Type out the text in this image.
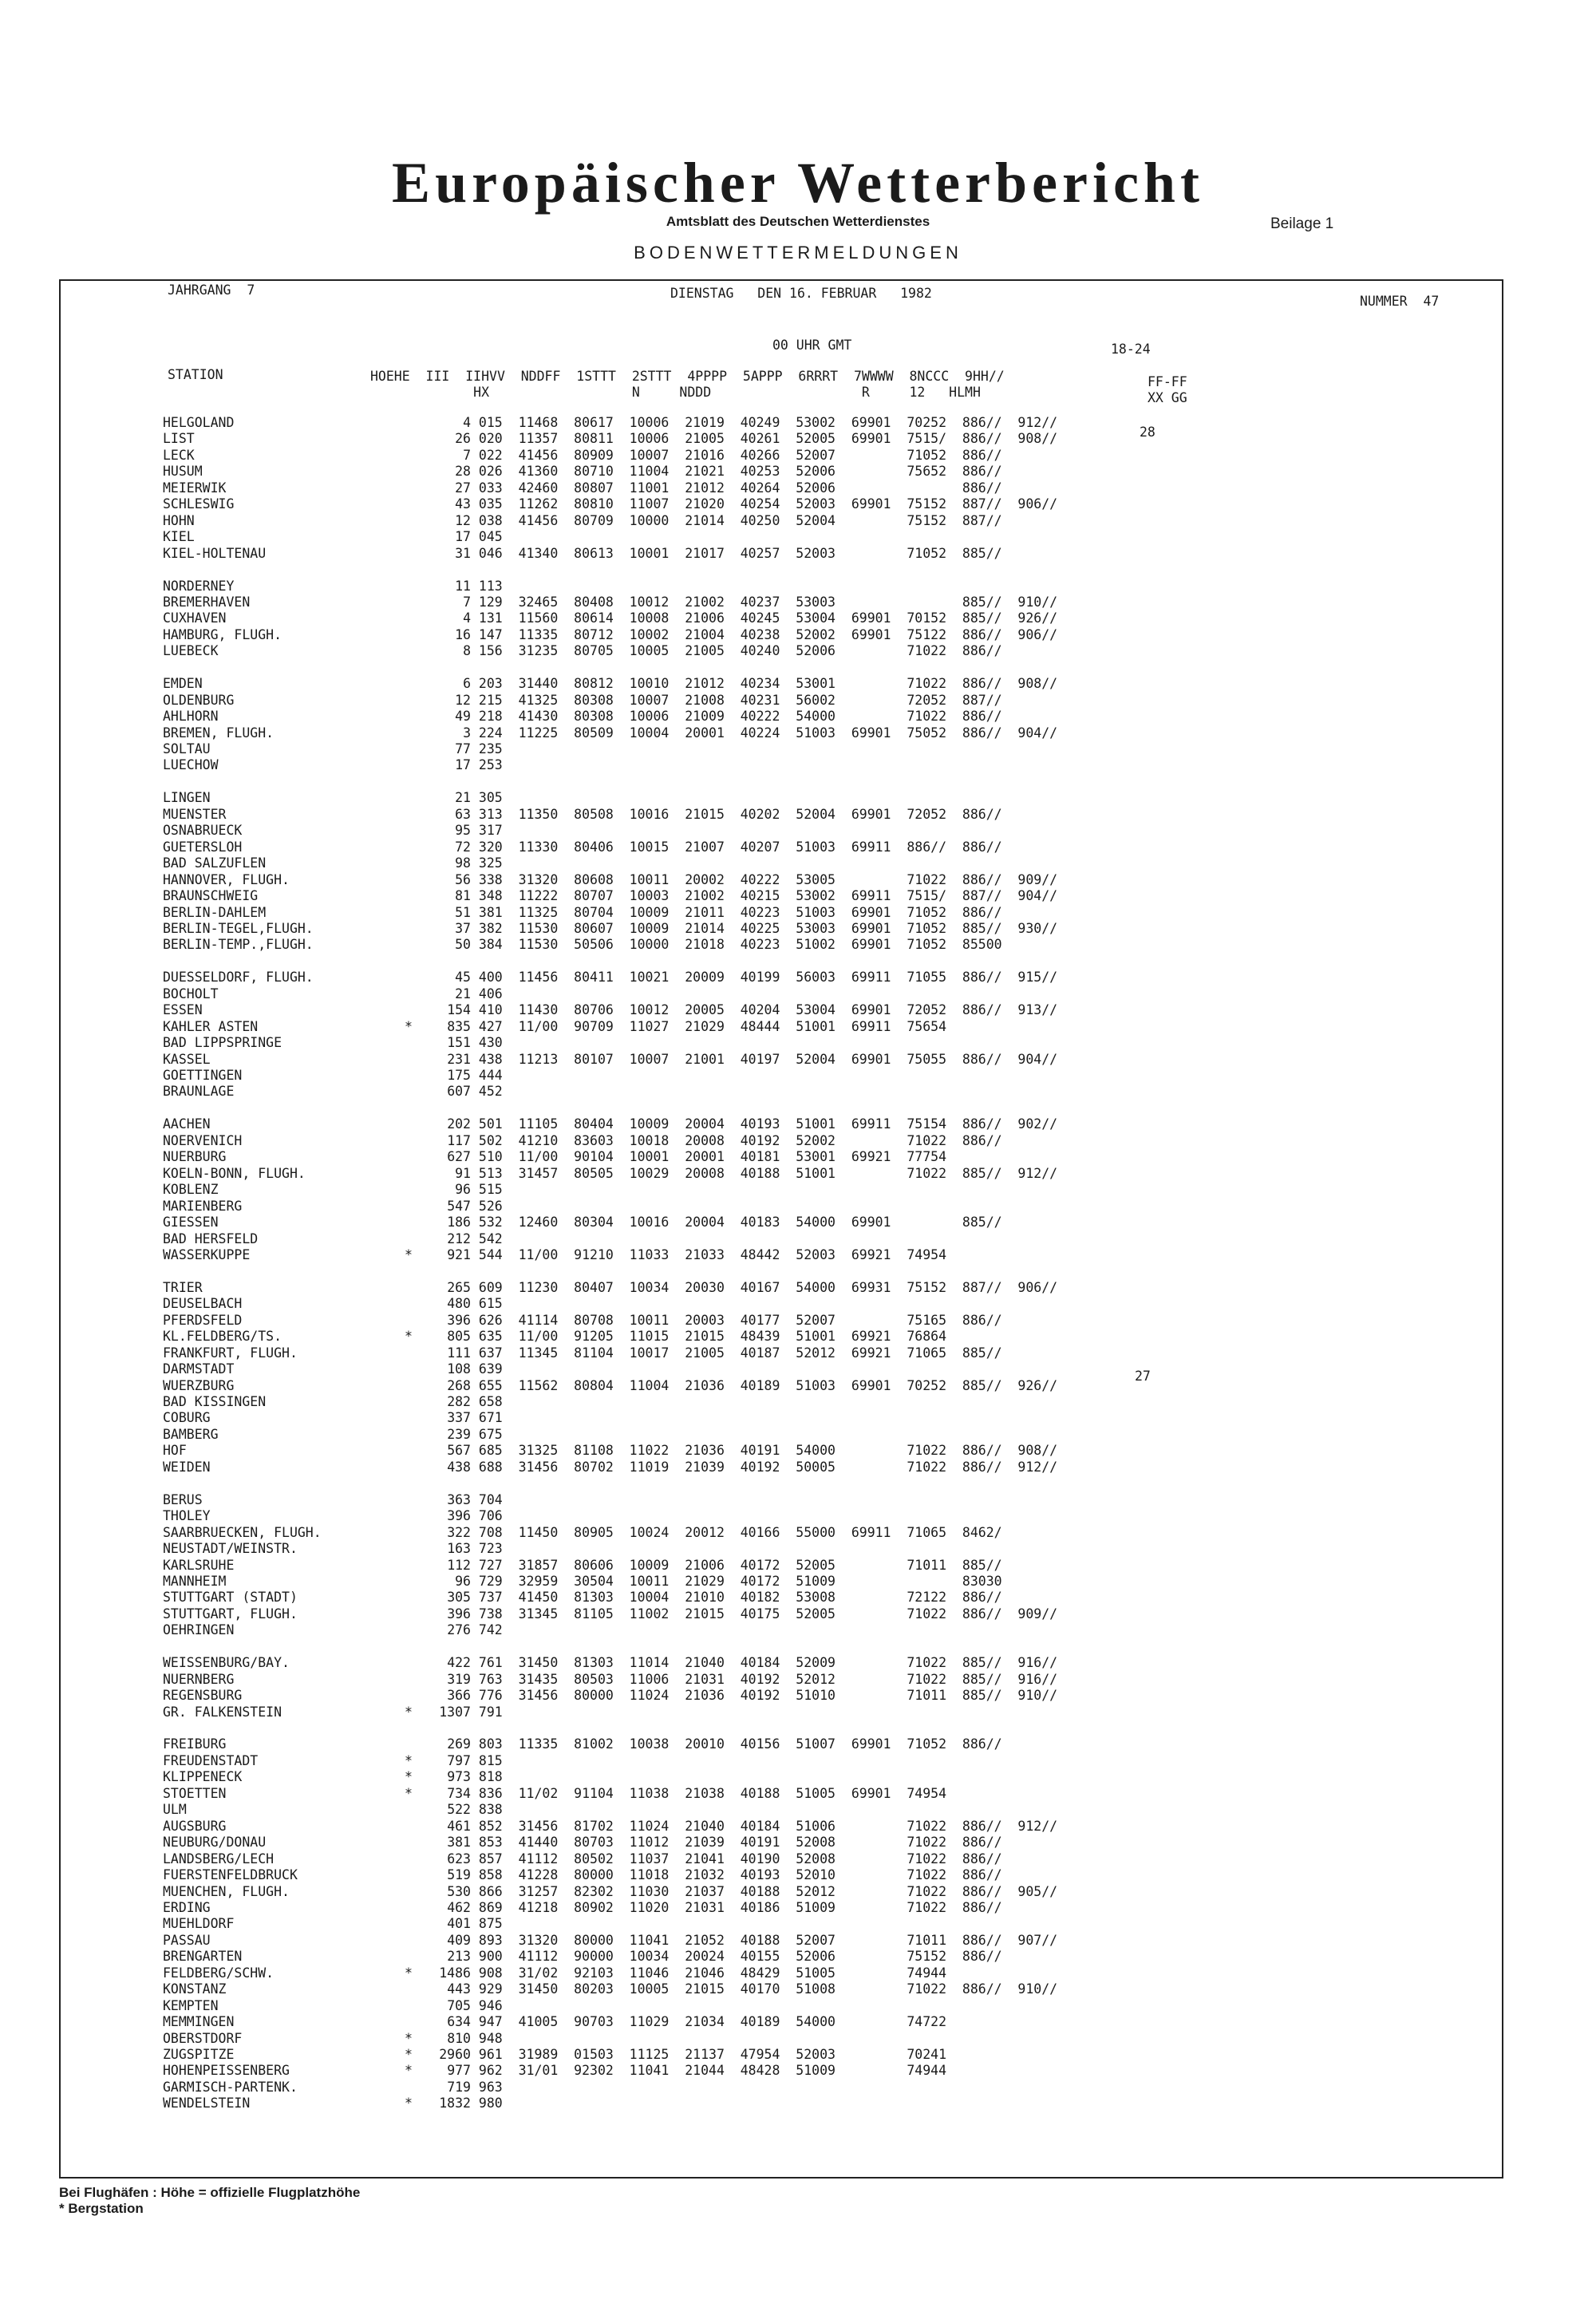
Europäischer Wetterbericht
Amtsblatt des Deutschen Wetterdienstes	Beilage 1
BODENWETTERMELDUNGEN
JAHRGANG  7	DIENSTAG   DEN 16. FEBRUAR   1982
NUMMER  47
00 UHR GMT	18-24
STATION	HOEHE  III  IIHVV  NDDFF  1STTT  2STTT  4PPPP  5APPP  6RRRT  7WWWW  8NCCC  9HH//
HX                  N     NDDD                   R     12   HLMH
FF-FF
XX GG
28
27
HELGOLAND	4 015  11468  80617  10006  21019  40249  53002  69901  70252  886//  912//
LIST	26 020  11357  80811  10006  21005  40261  52005  69901  7515/  886//  908//
LECK	7 022  41456  80909  10007  21016  40266  52007         71052  886//
HUSUM	28 026  41360  80710  11004  21021  40253  52006         75652  886//
MEIERWIK	27 033  42460  80807  11001  21012  40264  52006                886//
SCHLESWIG	43 035  11262  80810  11007  21020  40254  52003  69901  75152  887//  906//
HOHN	12 038  41456  80709  10000  21014  40250  52004         75152  887//
KIEL	17 045
KIEL-HOLTENAU	31 046  41340  80613  10001  21017  40257  52003         71052  885//
NORDERNEY	11 113
BREMERHAVEN	7 129  32465  80408  10012  21002  40237  53003                885//  910//
CUXHAVEN	4 131  11560  80614  10008  21006  40245  53004  69901  70152  885//  926//
HAMBURG, FLUGH.	16 147  11335  80712  10002  21004  40238  52002  69901  75122  886//  906//
LUEBECK	8 156  31235  80705  10005  21005  40240  52006         71022  886//
EMDEN	6 203  31440  80812  10010  21012  40234  53001         71022  886//  908//
OLDENBURG	12 215  41325  80308  10007  21008  40231  56002         72052  887//
AHLHORN	49 218  41430  80308  10006  21009  40222  54000         71022  886//
BREMEN, FLUGH.	3 224  11225  80509  10004  20001  40224  51003  69901  75052  886//  904//
SOLTAU	77 235
LUECHOW	17 253
LINGEN	21 305
MUENSTER	63 313  11350  80508  10016  21015  40202  52004  69901  72052  886//
OSNABRUECK	95 317
GUETERSLOH	72 320  11330  80406  10015  21007  40207  51003  69911  886//  886//
BAD SALZUFLEN	98 325
HANNOVER, FLUGH.	56 338  31320  80608  10011  20002  40222  53005         71022  886//  909//
BRAUNSCHWEIG	81 348  11222  80707  10003  21002  40215  53002  69911  7515/  887//  904//
BERLIN-DAHLEM	51 381  11325  80704  10009  21011  40223  51003  69901  71052  886//
BERLIN-TEGEL,FLUGH.	37 382  11530  80607  10009  21014  40225  53003  69901  71052  885//  930//
BERLIN-TEMP.,FLUGH.	50 384  11530  50506  10000  21018  40223  51002  69901  71052  85500
DUESSELDORF, FLUGH.	45 400  11456  80411  10021  20009  40199  56003  69911  71055  886//  915//
BOCHOLT	21 406
ESSEN	154 410  11430  80706  10012  20005  40204  53004  69901  72052  886//  913//
KAHLER ASTEN	*	835 427  11/00  90709  11027  21029  48444  51001  69911  75654
BAD LIPPSPRINGE	151 430
KASSEL	231 438  11213  80107  10007  21001  40197  52004  69901  75055  886//  904//
GOETTINGEN	175 444
BRAUNLAGE	607 452
AACHEN	202 501  11105  80404  10009  20004  40193  51001  69911  75154  886//  902//
NOERVENICH	117 502  41210  83603  10018  20008  40192  52002         71022  886//
NUERBURG	627 510  11/00  90104  10001  20001  40181  53001  69921  77754
KOELN-BONN, FLUGH.	91 513  31457  80505  10029  20008  40188  51001         71022  885//  912//
KOBLENZ	96 515
MARIENBERG	547 526
GIESSEN	186 532  12460  80304  10016  20004  40183  54000  69901         885//
BAD HERSFELD	212 542
WASSERKUPPE	*	921 544  11/00  91210  11033  21033  48442  52003  69921  74954
TRIER	265 609  11230  80407  10034  20030  40167  54000  69931  75152  887//  906//
DEUSELBACH	480 615
PFERDSFELD	396 626  41114  80708  10011  20003  40177  52007         75165  886//
KL.FELDBERG/TS.	*	805 635  11/00  91205  11015  21015  48439  51001  69921  76864
FRANKFURT, FLUGH.	111 637  11345  81104  10017  21005  40187  52012  69921  71065  885//
DARMSTADT	108 639
WUERZBURG	268 655  11562  80804  11004  21036  40189  51003  69901  70252  885//  926//
BAD KISSINGEN	282 658
COBURG	337 671
BAMBERG	239 675
HOF	567 685  31325  81108  11022  21036  40191  54000         71022  886//  908//
WEIDEN	438 688  31456  80702  11019  21039  40192  50005         71022  886//  912//
BERUS	363 704
THOLEY	396 706
SAARBRUECKEN, FLUGH.	322 708  11450  80905  10024  20012  40166  55000  69911  71065  8462/
NEUSTADT/WEINSTR.	163 723
KARLSRUHE	112 727  31857  80606  10009  21006  40172  52005         71011  885//
MANNHEIM	96 729  32959  30504  10011  21029  40172  51009                83030
STUTTGART (STADT)	305 737  41450  81303  10004  21010  40182  53008         72122  886//
STUTTGART, FLUGH.	396 738  31345  81105  11002  21015  40175  52005         71022  886//  909//
OEHRINGEN	276 742
WEISSENBURG/BAY.	422 761  31450  81303  11014  21040  40184  52009         71022  885//  916//
NUERNBERG	319 763  31435  80503  11006  21031  40192  52012         71022  885//  916//
REGENSBURG	366 776  31456  80000  11024  21036  40192  51010         71011  885//  910//
GR. FALKENSTEIN	* 1307 791
FREIBURG	269 803  11335  81002  10038  20010  40156  51007  69901  71052  886//
FREUDENSTADT	*	797 815
KLIPPENECK	*	973 818
STOETTEN	*	734 836  11/02  91104  11038  21038  40188  51005  69901  74954
ULM	522 838
AUGSBURG	461 852  31456  81702  11024  21040  40184  51006         71022  886//  912//
NEUBURG/DONAU	381 853  41440  80703  11012  21039  40191  52008         71022  886//
LANDSBERG/LECH	623 857  41112  80502  11037  21041  40190  52008         71022  886//
FUERSTENFELDBRUCK	519 858  41228  80000  11018  21032  40193  52010         71022  886//
MUENCHEN, FLUGH.	530 866  31257  82302  11030  21037  40188  52012         71022  886//  905//
ERDING	462 869  41218  80902  11020  21031  40186  51009         71022  886//
MUEHLDORF	401 875
PASSAU	409 893  31320  80000  11041  21052  40188  52007         71011  886//  907//
BRENGARTEN	213 900  41112  90000  10034  20024  40155  52006         75152  886//
FELDBERG/SCHW.	* 1486 908  31/02  92103  11046  21046  48429  51005         74944
KONSTANZ	443 929  31450  80203  10005  21015  40170  51008         71022  886//  910//
KEMPTEN	705 946
MEMMINGEN	634 947  41005  90703  11029  21034  40189  54000         74722
OBERSTDORF	*	810 948
ZUGSPITZE	* 2960 961  31989  01503  11125  21137  47954  52003         70241
HOHENPEISSENBERG	*	977 962  31/01  92302  11041  21044  48428  51009         74944
GARMISCH-PARTENK.	719 963
WENDELSTEIN	* 1832 980
Bei Flughäfen : Höhe = offizielle Flugplatzhöhe
* Bergstation
